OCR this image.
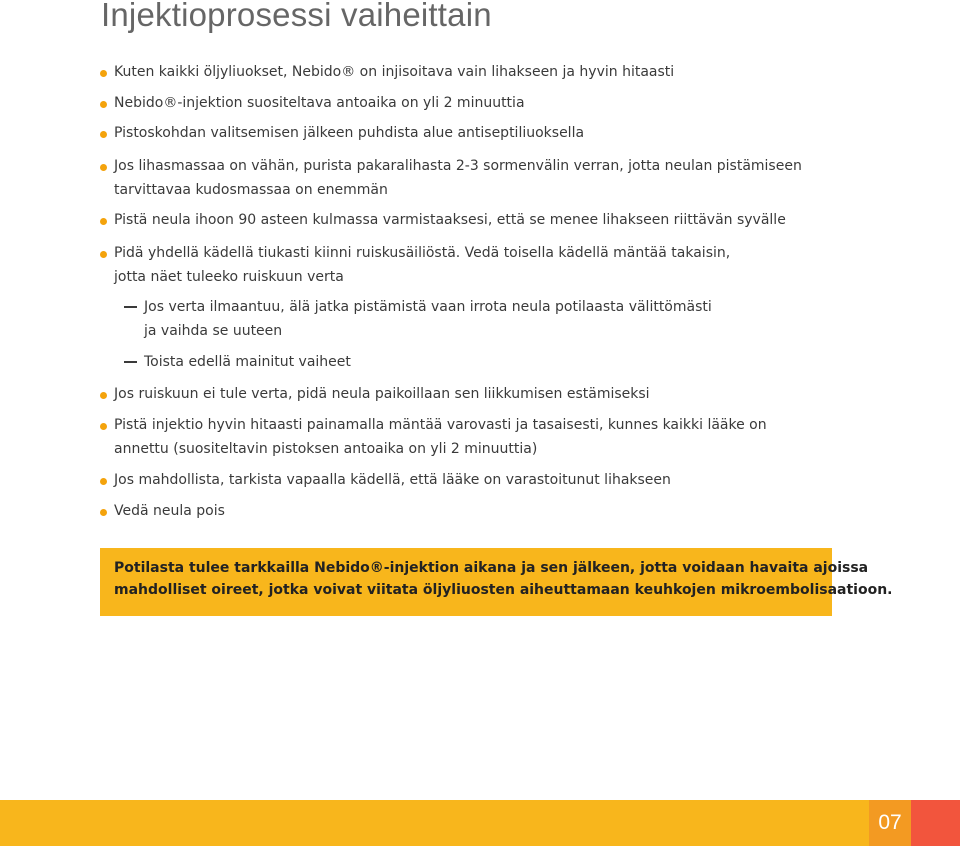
Injektioprosessi vaiheittain
Kuten kaikki öljyliuokset, Nebido® on injisoitava vain lihakseen ja hyvin hitaasti
Nebido®-injektion suositeltava antoaika on yli 2 minuuttia
Pistoskohdan valitsemisen jälkeen puhdista alue antiseptiliuoksella
Jos lihasmassaa on vähän, purista pakaralihasta 2-3 sormenvälin verran, jotta neulan pistämiseen
tarvittavaa kudosmassaa on enemmän
Pistä neula ihoon 90 asteen kulmassa varmistaaksesi, että se menee lihakseen riittävän syvälle
Pidä yhdellä kädellä tiukasti kiinni ruiskusäiliöstä. Vedä toisella kädellä mäntää takaisin,
jotta näet tuleeko ruiskuun verta
Jos verta ilmaantuu, älä jatka pistämistä vaan irrota neula potilaasta välittömästi
ja vaihda se uuteen
Toista edellä mainitut vaiheet
Jos ruiskuun ei tule verta, pidä neula paikoillaan sen liikkumisen estämiseksi
Pistä injektio hyvin hitaasti painamalla mäntää varovasti ja tasaisesti, kunnes kaikki lääke on
annettu (suositeltavin pistoksen antoaika on yli 2 minuuttia)
Jos mahdollista, tarkista vapaalla kädellä, että lääke on varastoitunut lihakseen
Vedä neula pois

Potilasta tulee tarkkailla Nebido®-injektion aikana ja sen jälkeen, jotta voidaan havaita ajoissa
mahdolliset oireet, jotka voivat viitata öljyliuosten aiheuttamaan keuhkojen mikroembolisaatioon.

07
